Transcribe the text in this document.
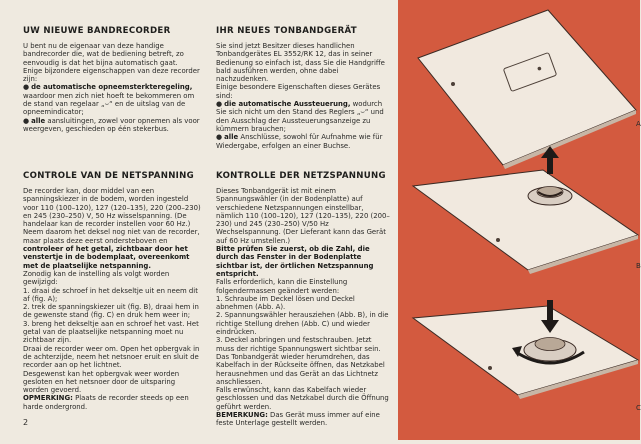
UW NIEUWE BANDRECORDER

U bent nu de eigenaar van deze handige bandrecorder die, wat de bediening betreft, zo eenvoudig is dat het bijna automatisch gaat.

Enige bijzondere eigenschappen van deze recorder zijn:

● de automatische opneemsterkteregeling, waardoor men zich niet hoeft te bekommeren om de stand van regelaar „⌣“ en de uitslag van de opneemindicator;

● alle aansluitingen, zowel voor opnemen als voor weergeven, geschieden op één stekerbus.

IHR NEUES TONBANDGERÄT

Sie sind jetzt Besitzer dieses handlichen Tonbandgerätes EL 3552/RK 12, das in seiner Bedienung so einfach ist, dass Sie die Handgriffe bald ausführen werden, ohne dabei nachzudenken.

Einige besondere Eigenschaften dieses Gerätes sind:

● die automatische Aussteuerung, wodurch Sie sich nicht um den Stand des Reglers „⌣“ und den Ausschlag der Aussteuerungsanzeige zu kümmern brauchen;

● alle Anschlüsse, sowohl für Aufnahme wie für Wiedergabe, erfolgen an einer Buchse.

CONTROLE VAN DE NETSPANNING

De recorder kan, door middel van een spanningskiezer in de bodem, worden ingesteld voor 110 (100–120), 127 (120–135), 220 (200–230) en 245 (230–250) V, 50 Hz wisselspanning. (De handelaar kan de recorder instellen voor 60 Hz.)

Neem daarom het deksel nog niet van de recorder, maar plaats deze eerst ondersteboven en controleer of het getal, zichtbaar door het venstertje in de bodemplaat, overeenkomt met de plaatselijke netspanning.

Zonodig kan de instelling als volgt worden gewijzigd:

1. draai de schroef in het dekseltje uit en neem dit af (fig. A);

2. trek de spanningskiezer uit (fig. B), draai hem in de gewenste stand (fig. C) en druk hem weer in;

3. breng het dekseltje aan en schroef het vast. Het getal van de plaatselijke netspanning moet nu zichtbaar zijn.

Draai de recorder weer om. Open het opbergvak in de achterzijde, neem het netsnoer eruit en sluit de recorder aan op het lichtnet.

Desgewenst kan het opbergvak weer worden gesloten en het netsnoer door de uitsparing worden gevoerd.

OPMERKING: Plaats de recorder steeds op een harde ondergrond.

KONTROLLE DER NETZSPANNUNG

Dieses Tonbandgerät ist mit einem Spannungswähler (in der Bodenplatte) auf verschiedene Netzspannungen einstellbar, nämlich 110 (100–120), 127 (120–135), 220 (200–230) und 245 (230–250) V/50 Hz Wechselspannung. (Der Lieferant kann das Gerät auf 60 Hz umstellen.)

Bitte prüfen Sie zuerst, ob die Zahl, die durch das Fenster in der Bodenplatte sichtbar ist, der örtlichen Netzspannung entspricht.

Falls erforderlich, kann die Einstellung folgendermassen geändert werden:

1. Schraube im Deckel lösen und Deckel abnehmen (Abb. A).

2. Spannungswähler herausziehen (Abb. B), in die richtige Stellung drehen (Abb. C) und wieder eindrücken.

3. Deckel anbringen und festschrauben. Jetzt muss der richtige Spannungswert sichtbar sein.

Das Tonbandgerät wieder herumdrehen, das Kabelfach in der Rückseite öffnen, das Netzkabel herausnehmen und das Gerät an das Lichtnetz anschliessen.

Falls erwünscht, kann das Kabelfach wieder geschlossen und das Netzkabel durch die Öffnung geführt werden.

BEMERKUNG: Das Gerät muss immer auf eine feste Unterlage gestellt werden.

2
A
B
C
